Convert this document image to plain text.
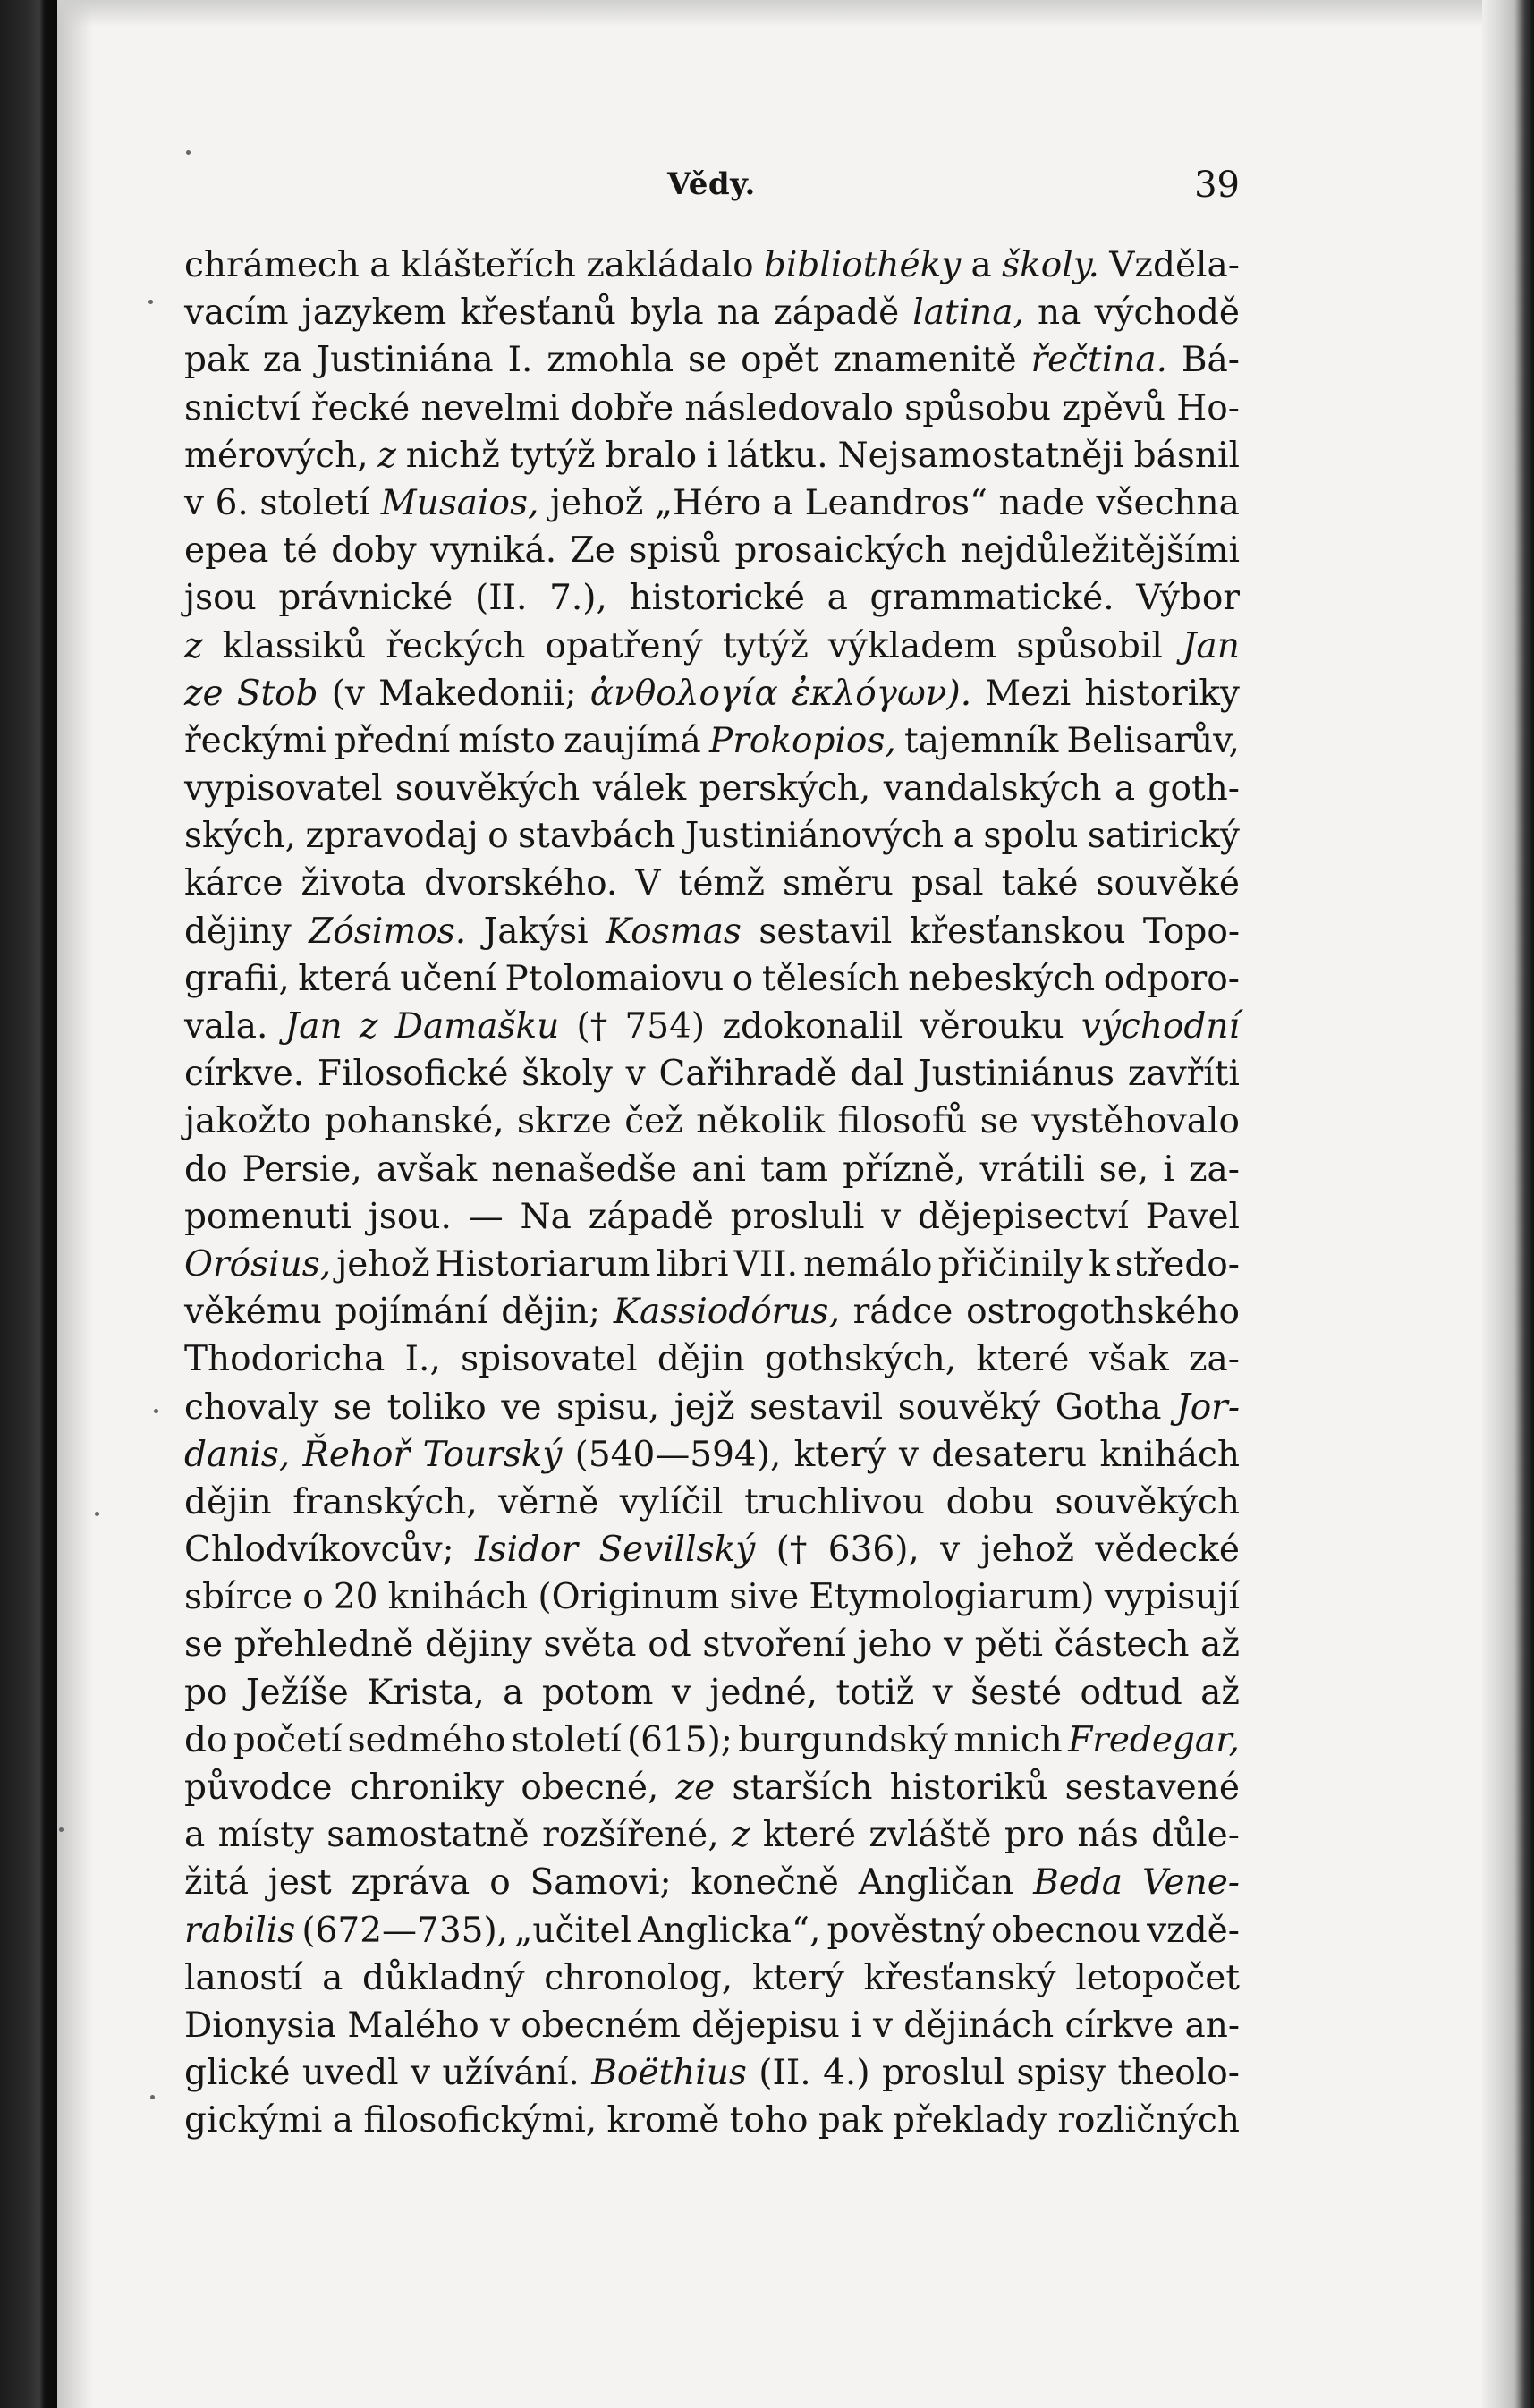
Vědy.	39
chrámech a klášteřích zakládalo bibliothéky a školy. Vzděla-
vacím jazykem křesťanů byla na západě latina, na východě
pak za Justiniána I. zmohla se opět znamenitě řečtina. Bá-
snictví řecké nevelmi dobře následovalo spůsobu zpěvů Ho-
mérových, z nichž tytýž bralo i látku. Nejsamostatněji básnil
v 6. století Musaios, jehož „Héro a Leandros“ nade všechna
epea té doby vyniká. Ze spisů prosaických nejdůležitějšími
jsou právnické (II. 7.), historické a grammatické. Výbor
z klassiků řeckých opatřený tytýž výkladem spůsobil Jan
ze Stob (v Makedonii; ἀνθολογία ἐκλόγων). Mezi historiky
řeckými přední místo zaujímá Prokopios, tajemník Belisarův,
vypisovatel souvěkých válek perských, vandalských a goth-
ských, zpravodaj o stavbách Justiniánových a spolu satirický
kárce života dvorského. V témž směru psal také souvěké
dějiny Zósimos. Jakýsi Kosmas sestavil křesťanskou Topo-
grafii, která učení Ptolomaiovu o tělesích nebeských odporo-
vala. Jan z Damašku († 754) zdokonalil věrouku východní
církve. Filosofické školy v Cařihradě dal Justiniánus zavříti
jakožto pohanské, skrze čež několik filosofů se vystěhovalo
do Persie, avšak nenašedše ani tam přízně, vrátili se, i za-
pomenuti jsou. — Na západě prosluli v dějepisectví Pavel
Orósius, jehož Historiarum libri VII. nemálo přičinily k středo-
věkému pojímání dějin; Kassiodórus, rádce ostrogothského
Thodoricha I., spisovatel dějin gothských, které však za-
chovaly se toliko ve spisu, jejž sestavil souvěký Gotha Jor-
danis, Řehoř Tourský (540—594), který v desateru knihách
dějin franských, věrně vylíčil truchlivou dobu souvěkých
Chlodvíkovcův; Isidor Sevillský († 636), v jehož vědecké
sbírce o 20 knihách (Originum sive Etymologiarum) vypisují
se přehledně dějiny světa od stvoření jeho v pěti částech až
po Ježíše Krista, a potom v jedné, totiž v šesté odtud až
do početí sedmého století (615); burgundský mnich Fredegar,
původce chroniky obecné, ze starších historiků sestavené
a místy samostatně rozšířené, z které zvláště pro nás důle-
žitá jest zpráva o Samovi; konečně Angličan Beda Vene-
rabilis (672—735), „učitel Anglicka“, pověstný obecnou vzdě-
laností a důkladný chronolog, který křesťanský letopočet
Dionysia Malého v obecném dějepisu i v dějinách církve an-
glické uvedl v užívání. Boëthius (II. 4.) proslul spisy theolo-
gickými a filosofickými, kromě toho pak překlady rozličných
